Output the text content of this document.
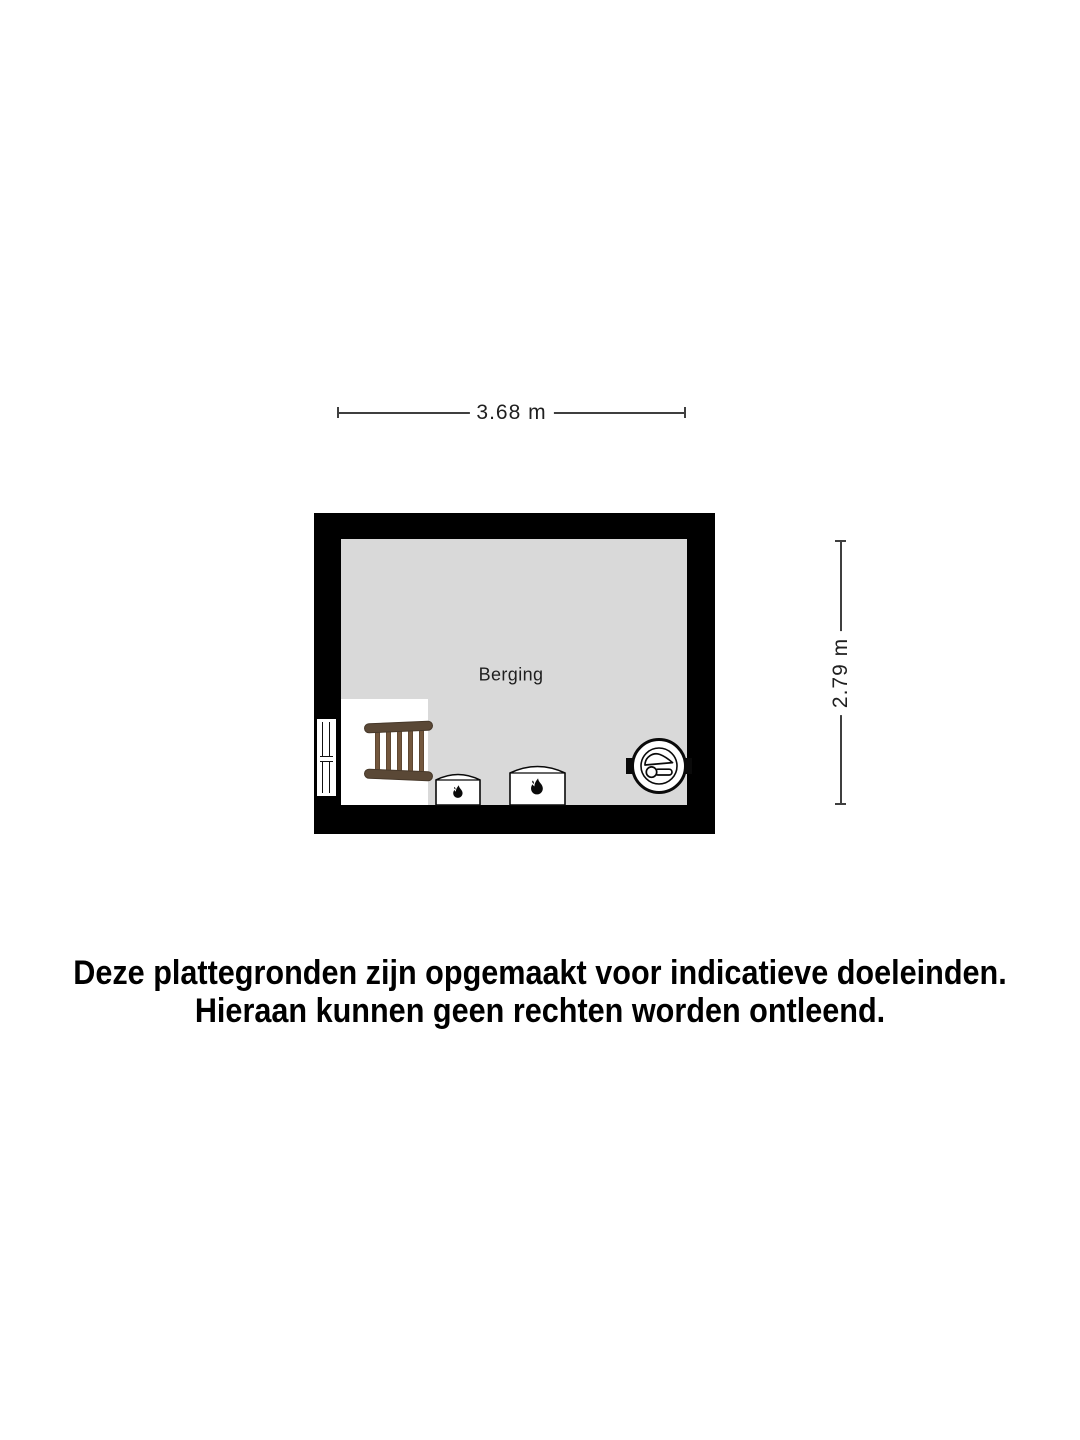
3.68 m
2.79 m
Berging
Deze plattegronden zijn opgemaakt voor indicatieve doeleinden.
Hieraan kunnen geen rechten worden ontleend.
